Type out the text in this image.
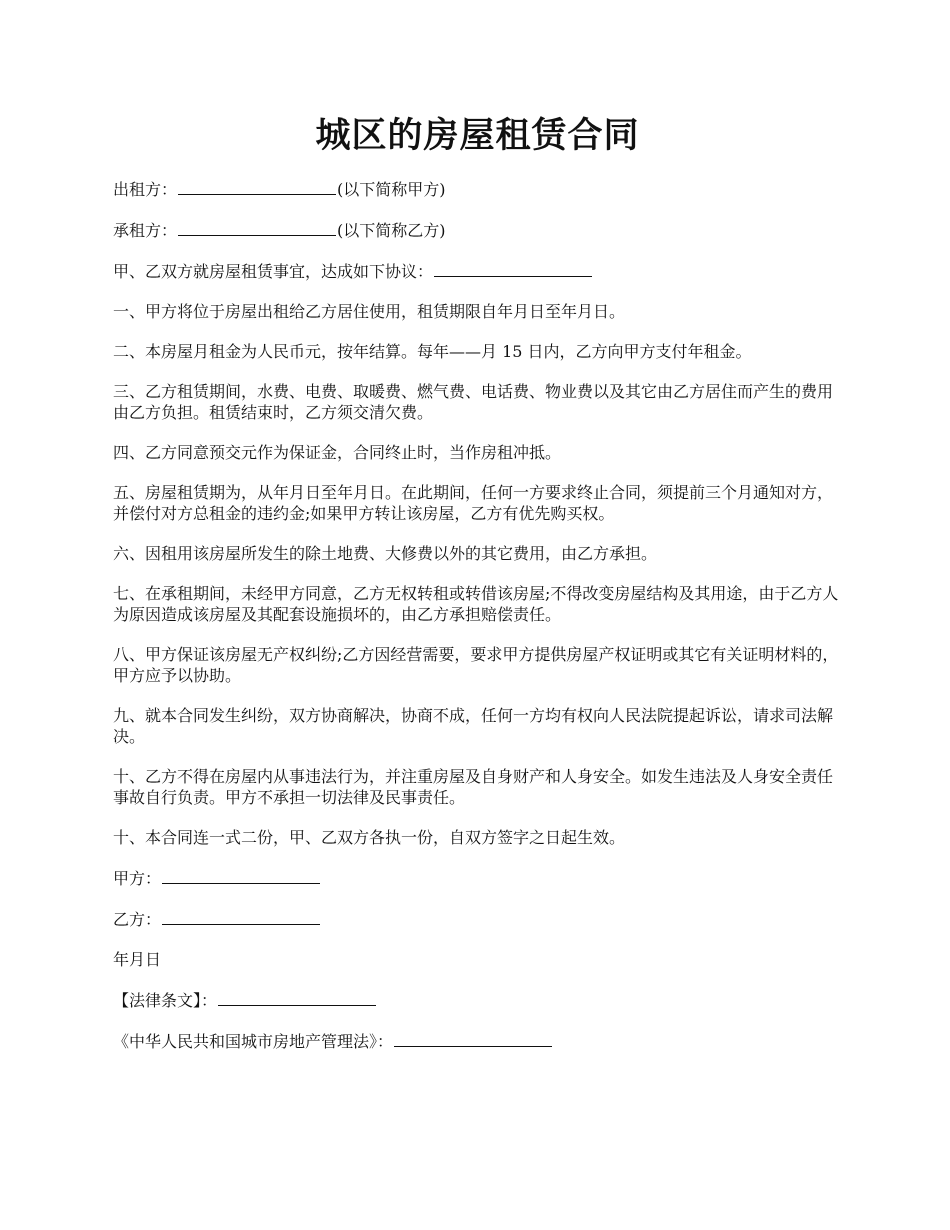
城区的房屋租赁合同

出租方：	(以下简称甲方)

承租方：	(以下简称乙方)

甲、乙双方就房屋租赁事宜，达成如下协议：

一、甲方将位于房屋出租给乙方居住使用，租赁期限自年月日至年月日。

二、本房屋月租金为人民币元，按年结算。每年——月 15 日内，乙方向甲方支付年租金。

三、乙方租赁期间，水费、电费、取暖费、燃气费、电话费、物业费以及其它由乙方居住而产生的费用由乙方负担。租赁结束时，乙方须交清欠费。

四、乙方同意预交元作为保证金，合同终止时，当作房租冲抵。

五、房屋租赁期为，从年月日至年月日。在此期间，任何一方要求终止合同，须提前三个月通知对方，并偿付对方总租金的违约金;如果甲方转让该房屋，乙方有优先购买权。

六、因租用该房屋所发生的除土地费、大修费以外的其它费用，由乙方承担。

七、在承租期间，未经甲方同意，乙方无权转租或转借该房屋;不得改变房屋结构及其用途，由于乙方人为原因造成该房屋及其配套设施损坏的，由乙方承担赔偿责任。

八、甲方保证该房屋无产权纠纷;乙方因经营需要，要求甲方提供房屋产权证明或其它有关证明材料的，甲方应予以协助。

九、就本合同发生纠纷，双方协商解决，协商不成，任何一方均有权向人民法院提起诉讼，请求司法解决。

十、乙方不得在房屋内从事违法行为，并注重房屋及自身财产和人身安全。如发生违法及人身安全责任事故自行负责。甲方不承担一切法律及民事责任。

十、本合同连一式二份，甲、乙双方各执一份，自双方签字之日起生效。

甲方：

乙方：

年月日

【法律条文】：

《中华人民共和国城市房地产管理法》：
